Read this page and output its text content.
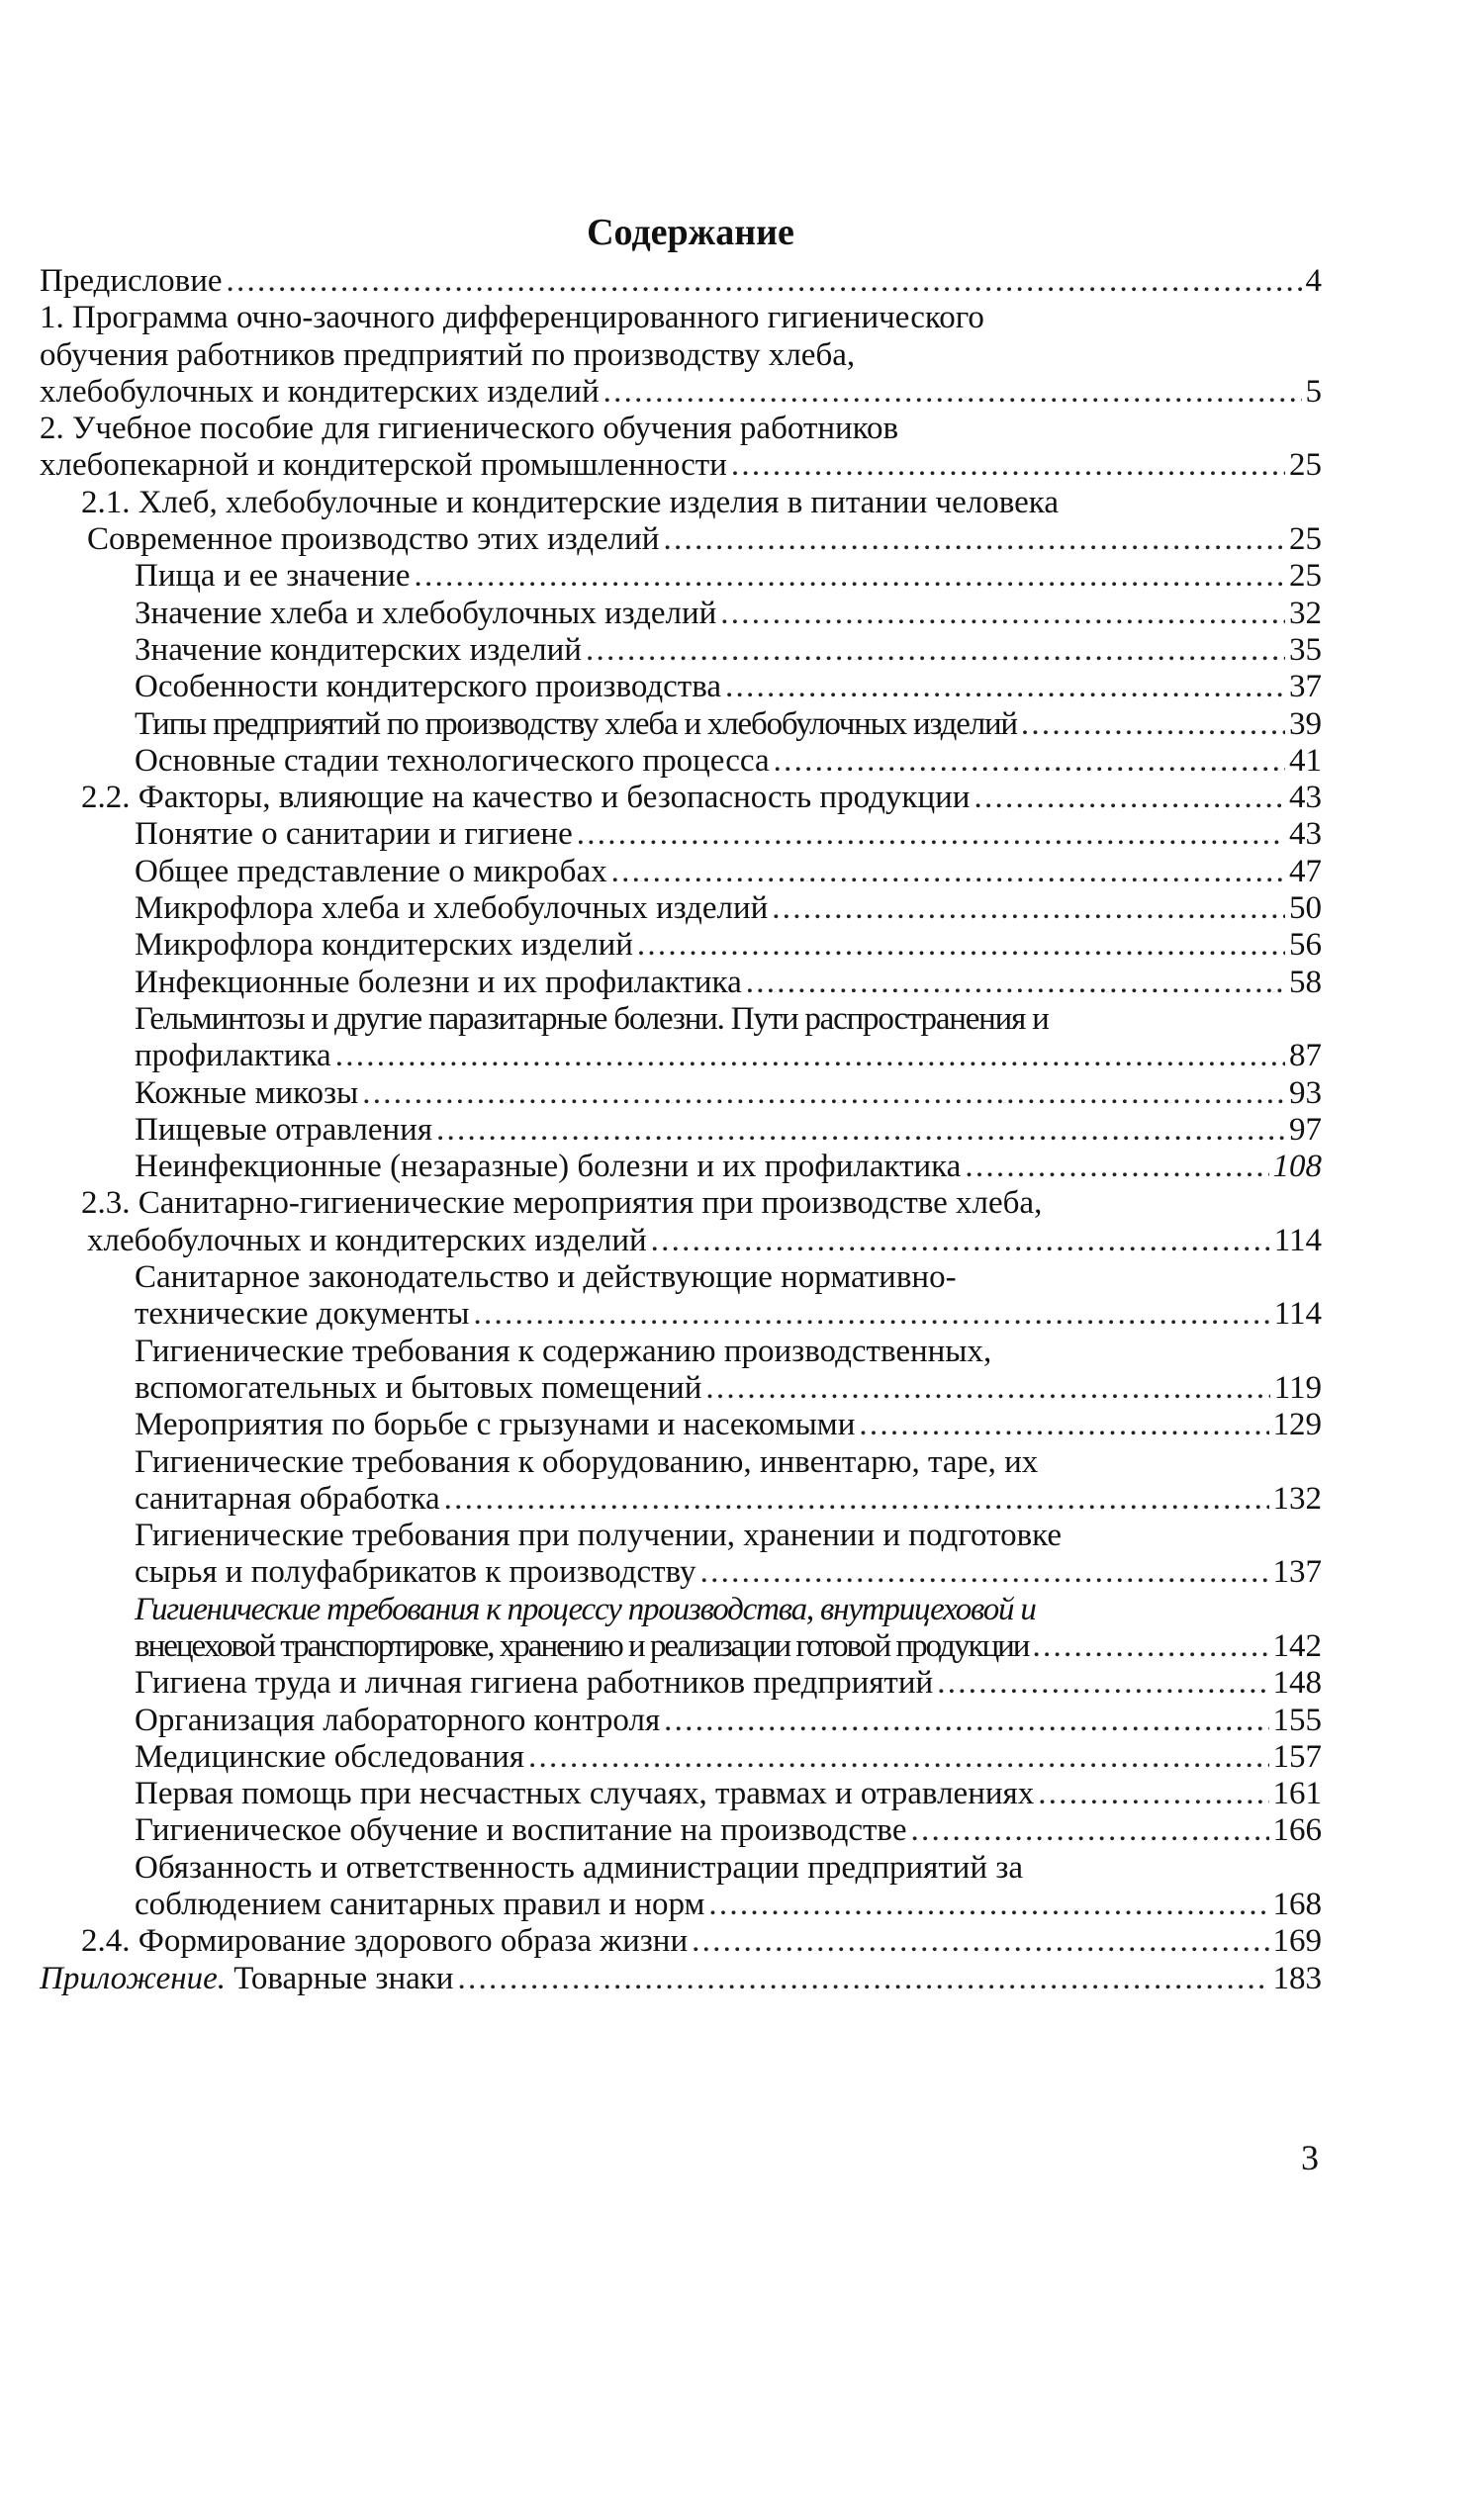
Содержание
Предисловие . . .	4
1. Программа очно-заочного дифференцированного гигиенического
обучения работников предприятий по производству хлеба,
хлебобулочных и кондитерских изделий . . .	5
2. Учебное пособие для гигиенического обучения работников
хлебопекарной и кондитерской промышленности . . .	25
2.1. Хлеб, хлебобулочные и кондитерские изделия в питании человека
Современное производство этих изделий . . .	25
Пища и ее значение . . .	25
Значение хлеба и хлебобулочных изделий . . .	32
Значение кондитерских изделий . . .	35
Особенности кондитерского производства . . .	37
Типы предприятий по производству хлеба и хлебобулочных изделий . . .	39
Основные стадии технологического процесса . . .	41
2.2. Факторы, влияющие на качество и безопасность продукции . . .	43
Понятие о санитарии и гигиене . . .	43
Общее представление о микробах . . .	47
Микрофлора хлеба и хлебобулочных изделий . . .	50
Микрофлора кондитерских изделий . . .	56
Инфекционные болезни и их профилактика . . .	58
Гельминтозы и другие паразитарные болезни. Пути распространения и
профилактика . . .	87
Кожные микозы . . .	93
Пищевые отравления . . .	97
Неинфекционные (незаразные) болезни и их профилактика . . .	108
2.3. Санитарно-гигиенические мероприятия при производстве хлеба,
хлебобулочных и кондитерских изделий . . .	114
Санитарное законодательство и действующие нормативно-
технические документы . . .	114
Гигиенические требования к содержанию производственных,
вспомогательных и бытовых помещений . . .	119
Мероприятия по борьбе с грызунами и насекомыми . . .	129
Гигиенические требования к оборудованию, инвентарю, таре, их
санитарная обработка . . .	132
Гигиенические требования при получении, хранении и подготовке
сырья и полуфабрикатов к производству . . .	137
Гигиенические требования к процессу производства, внутрицеховой и
внецеховой транспортировке, хранению и реализации готовой продукции . . .	142
Гигиена труда и личная гигиена работников предприятий . . .	148
Организация лабораторного контроля . . .	155
Медицинские обследования . . .	157
Первая помощь при несчастных случаях, травмах и отравлениях . . .	161
Гигиеническое обучение и воспитание на производстве . . .	166
Обязанность и ответственность администрации предприятий за
соблюдением санитарных правил и норм . . .	168
2.4. Формирование здорового образа жизни . . .	169
Приложение. Товарные знаки . . .	183
3
